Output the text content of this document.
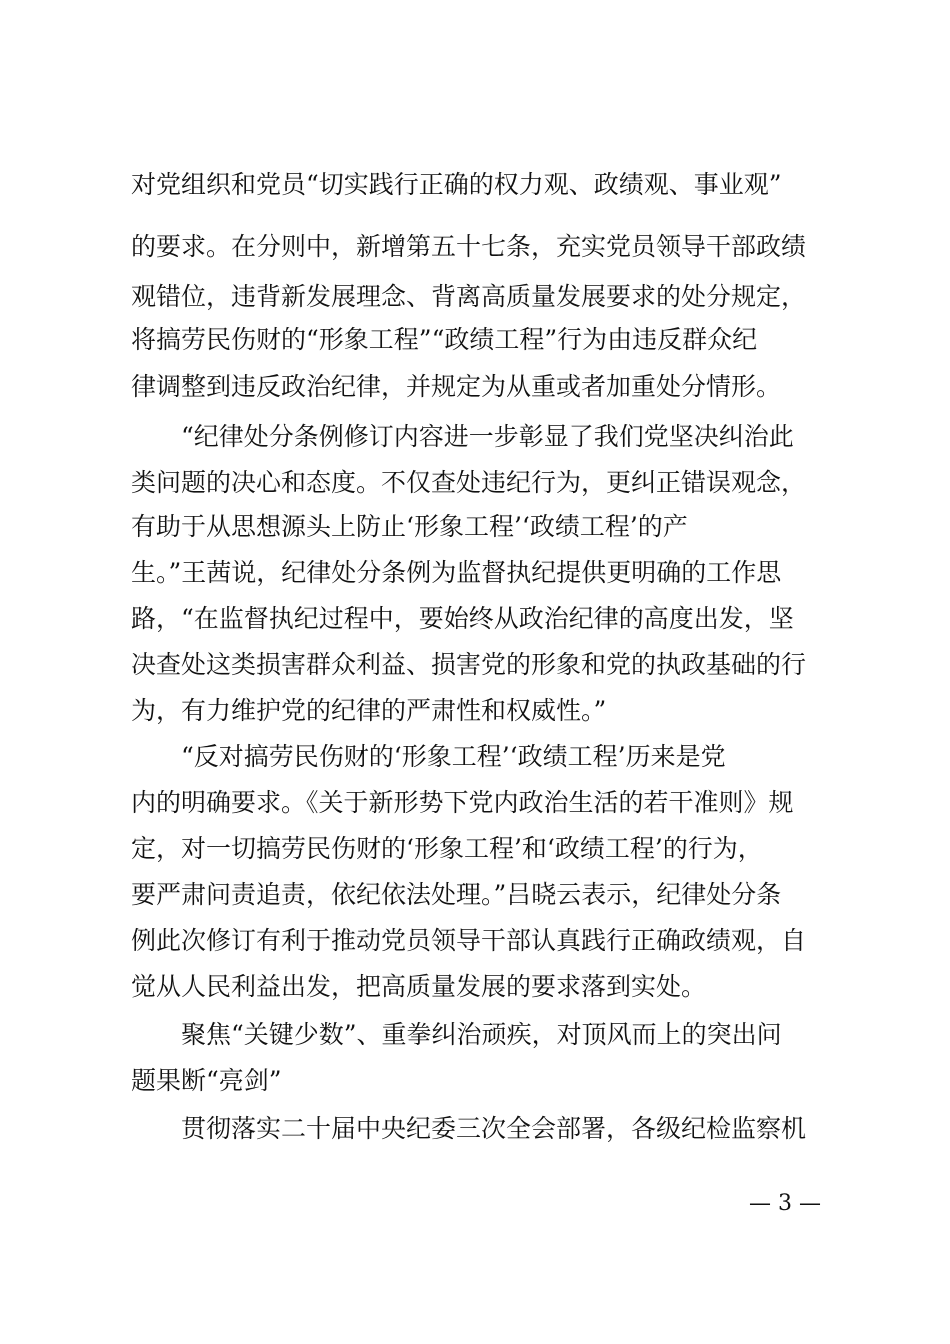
对党组织和党员“切实践行正确的权力观、政绩观、事业观”
的要求。在分则中，新增第五十七条，充实党员领导干部政绩
观错位，违背新发展理念、背离高质量发展要求的处分规定，
将搞劳民伤财的“形象工程”“政绩工程”行为由违反群众纪
律调整到违反政治纪律，并规定为从重或者加重处分情形。
“纪律处分条例修订内容进一步彰显了我们党坚决纠治此
类问题的决心和态度。不仅查处违纪行为，更纠正错误观念，
有助于从思想源头上防止‘形象工程’‘政绩工程’的产
生。”王茜说，纪律处分条例为监督执纪提供更明确的工作思
路，“在监督执纪过程中，要始终从政治纪律的高度出发，坚
决查处这类损害群众利益、损害党的形象和党的执政基础的行
为，有力维护党的纪律的严肃性和权威性。”
“反对搞劳民伤财的‘形象工程’‘政绩工程’历来是党
内的明确要求。《关于新形势下党内政治生活的若干准则》规
定，对一切搞劳民伤财的‘形象工程’和‘政绩工程’的行为，
要严肃问责追责，依纪依法处理。”吕晓云表示，纪律处分条
例此次修订有利于推动党员领导干部认真践行正确政绩观，自
觉从人民利益出发，把高质量发展的要求落到实处。
聚焦“关键少数”、重拳纠治顽疾，对顶风而上的突出问
题果断“亮剑”
贯彻落实二十届中央纪委三次全会部署，各级纪检监察机
— 3 —
